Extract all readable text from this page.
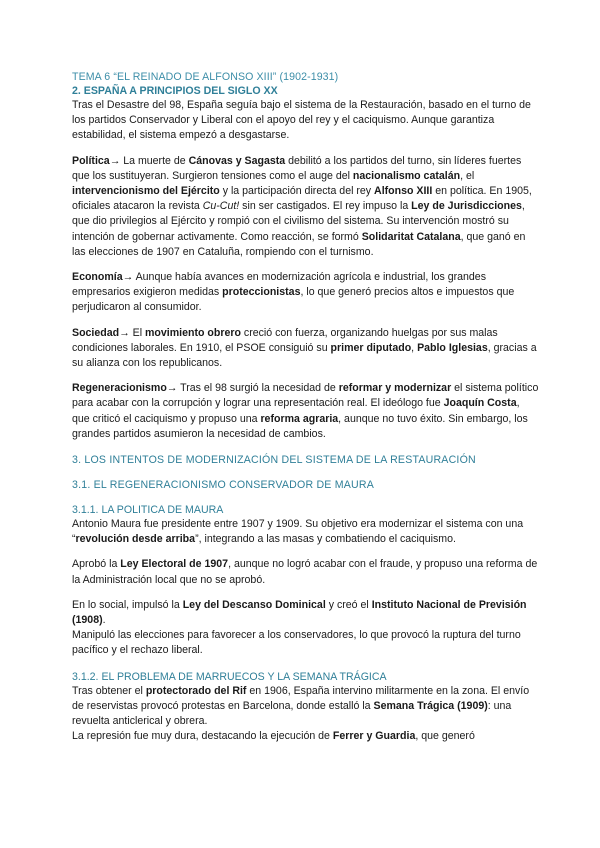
TEMA 6 “EL REINADO DE ALFONSO XIII” (1902-1931)
2. ESPAÑA A PRINCIPIOS DEL SIGLO XX

Tras el Desastre del 98, España seguía bajo el sistema de la Restauración, basado en el turno de los partidos Conservador y Liberal con el apoyo del rey y el caciquismo. Aunque garantiza estabilidad, el sistema empezó a desgastarse.

Política→ La muerte de Cánovas y Sagasta debilitó a los partidos del turno, sin líderes fuertes que los sustituyeran. Surgieron tensiones como el auge del nacionalismo catalán, el intervencionismo del Ejército y la participación directa del rey Alfonso XIII en política. En 1905, oficiales atacaron la revista Cu-Cut! sin ser castigados. El rey impuso la Ley de Jurisdicciones, que dio privilegios al Ejército y rompió con el civilismo del sistema. Su intervención mostró su intención de gobernar activamente. Como reacción, se formó Solidaritat Catalana, que ganó en las elecciones de 1907 en Cataluña, rompiendo con el turnismo.

Economía→ Aunque había avances en modernización agrícola e industrial, los grandes empresarios exigieron medidas proteccionistas, lo que generó precios altos e impuestos que perjudicaron al consumidor.

Sociedad→ El movimiento obrero creció con fuerza, organizando huelgas por sus malas condiciones laborales. En 1910, el PSOE consiguió su primer diputado, Pablo Iglesias, gracias a su alianza con los republicanos.

Regeneracionismo→ Tras el 98 surgió la necesidad de reformar y modernizar el sistema político para acabar con la corrupción y lograr una representación real. El ideólogo fue Joaquín Costa, que criticó el caciquismo y propuso una reforma agraria, aunque no tuvo éxito. Sin embargo, los grandes partidos asumieron la necesidad de cambios.

3. LOS INTENTOS DE MODERNIZACIÓN DEL SISTEMA DE LA RESTAURACIÓN
3.1. EL REGENERACIONISMO CONSERVADOR DE MAURA
3.1.1. LA POLITICA DE MAURA

Antonio Maura fue presidente entre 1907 y 1909. Su objetivo era modernizar el sistema con una “revolución desde arriba”, integrando a las masas y combatiendo el caciquismo.

Aprobó la Ley Electoral de 1907, aunque no logró acabar con el fraude, y propuso una reforma de la Administración local que no se aprobó.

En lo social, impulsó la Ley del Descanso Dominical y creó el Instituto Nacional de Previsión (1908).

Manipuló las elecciones para favorecer a los conservadores, lo que provocó la ruptura del turno pacífico y el rechazo liberal.

3.1.2. EL PROBLEMA DE MARRUECOS Y LA SEMANA TRÁGICA

Tras obtener el protectorado del Rif en 1906, España intervino militarmente en la zona. El envío de reservistas provocó protestas en Barcelona, donde estalló la Semana Trágica (1909): una revuelta anticlerical y obrera.

La represión fue muy dura, destacando la ejecución de Ferrer y Guardia, que generó
